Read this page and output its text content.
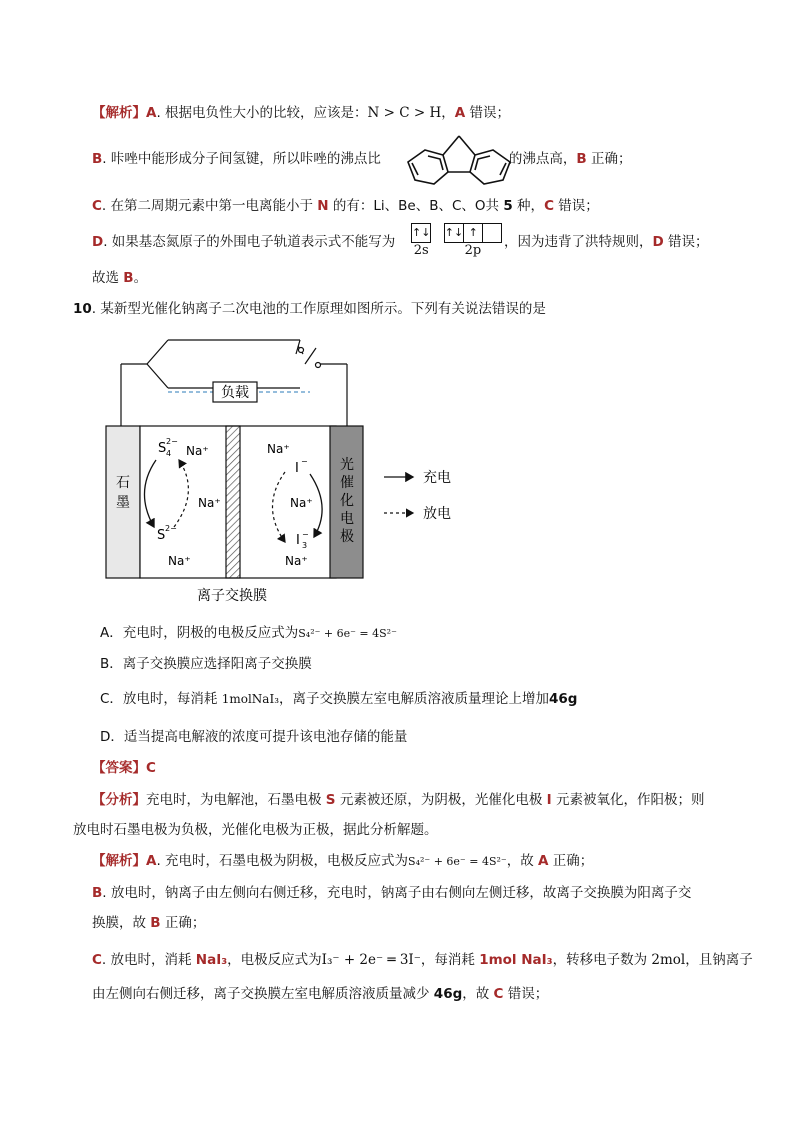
【解析】A. 根据电负性大小的比较，应该是：N > C > H，A 错误；
B. 咔唑中能形成分子间氢键，所以咔唑的沸点比	的沸点高，B 正确；
C. 在第二周期元素中第一电离能小于 N 的有：Li、Be、B、C、O共 5 种，C 错误；
D. 如果基态氮原子的外围电子轨道表示式不能写为
↑↓
2s
↑↓	↑	
2p
，因为违背了洪特规则，D 错误；
故选 B。
10. 某新型光催化钠离子二次电池的工作原理如图所示。下列有关说法错误的是
负载
石
墨
光
催
化
电
极
S 2−
4 Na⁺
Na⁺
S 2−
Na⁺
Na⁺
I −
Na⁺
I −
3
Na⁺
离子交换膜
充电
放电
A．充电时，阴极的电极反应式为S₄²⁻ + 6e⁻ = 4S²⁻
B．离子交换膜应选择阳离子交换膜
C．放电时，每消耗 1molNaI₃，离子交换膜左室电解质溶液质量理论上增加46g
D．适当提高电解液的浓度可提升该电池存储的能量
【答案】C
【分析】充电时，为电解池，石墨电极 S 元素被还原，为阴极，光催化电极 I 元素被氧化，作阳极；则
放电时石墨电极为负极，光催化电极为正极，据此分析解题。
【解析】A. 充电时，石墨电极为阴极，电极反应式为S₄²⁻ + 6e⁻ = 4S²⁻，故 A 正确；
B. 放电时，钠离子由左侧向右侧迁移，充电时，钠离子由右侧向左侧迁移，故离子交换膜为阳离子交
换膜，故 B 正确；
C. 放电时，消耗 NaI₃，电极反应式为I₃⁻ + 2e⁻ ═ 3I⁻，每消耗 1mol NaI₃，转移电子数为 2mol，且钠离子
由左侧向右侧迁移，离子交换膜左室电解质溶液质量减少 46g，故 C 错误；
